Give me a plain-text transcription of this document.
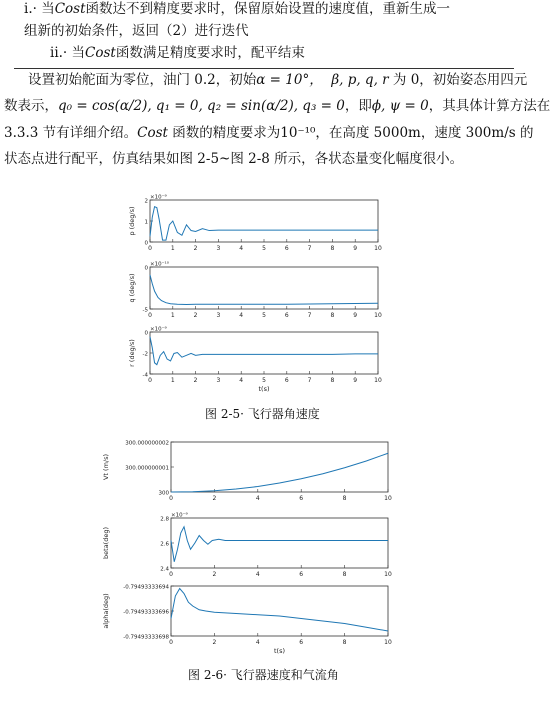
i.· 当Cost函数达不到精度要求时，保留原始设置的速度值，重新生成一
组新的初始条件，返回（2）进行迭代
ii.· 当Cost函数满足精度要求时，配平结束
设置初始舵面为零位，油门 0.2，初始α = 10°， β, p, q, r 为 0，初始姿态用四元
数表示，q₀ = cos(α/2), q₁ = 0, q₂ = sin(α/2), q₃ = 0，即ϕ, ψ = 0，其具体计算方法在
3.3.3 节有详细介绍。Cost 函数的精度要求为10⁻¹⁰，在高度 5000m，速度 300m/s 的
状态点进行配平，仿真结果如图 2-5~图 2-8 所示，各状态量变化幅度很小。
0
1
2
×10⁻⁹
p (deg/s)
0	1	2	3	4	5	6	7	8	9	10
-5
0
×10⁻¹⁰
q (deg/s)
0	1	2	3	4	5	6	7	8	9	10
-4
-2
0
×10⁻⁹
r (deg/s)
0	1	2	3	4	5	6	7	8	9	10
t(s)
图 2-5· 飞行器角速度
300
300.000000001
300.000000002
Vt (m/s)
0	2	4	6	8	10
2.4
2.6
2.8
×10⁻⁹
beta(deg)
0	2	4	6	8	10
-0.79493333698
-0.79493333696
-0.79493333694
alpha(deg)
0	2	4	6	8	10
t(s)
图 2-6· 飞行器速度和气流角
